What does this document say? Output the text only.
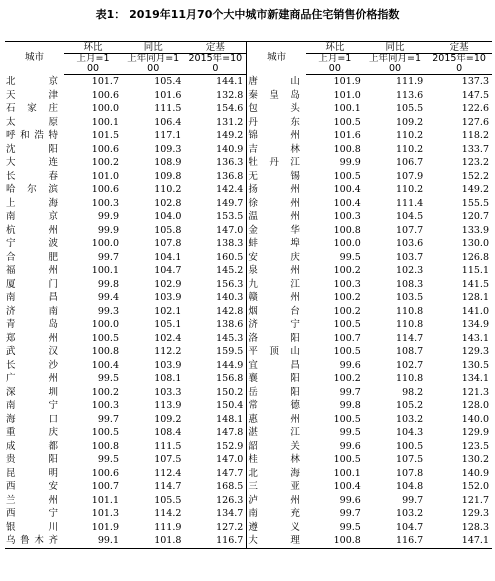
表1： 2019年11月70个大中城市新建商品住宅销售价格指数
城市	环比	同比	定基	城市	环比	同比	定基
	上月=1	上年同月=1	2015年=10		上月=1	上年同月=1	2015年=10
	00	00	0		00	00	0
北京	101.7	105.4	144.1	唐山	101.9	111.9	137.3
天津	100.6	101.6	132.8	秦皇岛	101.0	113.6	147.5
石家庄	100.0	111.5	154.6	包头	100.1	105.5	122.6
太原	100.1	106.4	131.2	丹东	100.5	109.2	127.6
呼和浩特	101.5	117.1	149.2	锦州	101.6	110.2	118.2
沈阳	100.6	109.3	140.9	吉林	100.8	110.2	133.7
大连	100.2	108.9	136.3	牡丹江	99.9	106.7	123.2
长春	101.0	109.8	136.8	无锡	100.5	107.9	152.2
哈尔滨	100.6	110.2	142.4	扬州	100.4	110.2	149.2
上海	100.3	102.8	149.7	徐州	100.4	111.4	155.5
南京	99.9	104.0	153.5	温州	100.3	104.5	120.7
杭州	99.9	105.8	147.0	金华	100.8	107.7	133.9
宁波	100.0	107.8	138.3	蚌埠	100.0	103.6	130.0
合肥	99.7	104.1	160.5	安庆	99.5	103.7	126.8
福州	100.1	104.7	145.2	泉州	100.2	102.3	115.1
厦门	99.8	102.9	156.3	九江	100.3	108.3	141.5
南昌	99.4	103.9	140.3	赣州	100.2	103.5	128.1
济南	99.3	102.1	142.8	烟台	100.2	110.8	141.0
青岛	100.0	105.1	138.6	济宁	100.5	110.8	134.9
郑州	100.5	102.4	145.3	洛阳	100.7	114.7	143.1
武汉	100.8	112.2	159.5	平顶山	100.5	108.7	129.3
长沙	100.4	103.9	144.9	宜昌	99.6	102.7	130.5
广州	99.5	108.1	156.8	襄阳	100.2	110.8	134.1
深圳	100.2	103.3	150.2	岳阳	99.7	98.2	121.3
南宁	100.3	113.9	150.4	常德	99.8	105.2	128.0
海口	99.7	109.2	148.1	惠州	100.5	103.2	140.0
重庆	100.5	108.4	147.8	湛江	99.5	104.3	129.9
成都	100.8	111.5	152.9	韶关	99.6	100.5	123.5
贵阳	99.5	107.5	147.0	桂林	100.5	107.5	130.2
昆明	100.6	112.4	147.7	北海	100.1	107.8	140.9
西安	100.7	114.7	168.5	三亚	100.4	104.8	152.0
兰州	101.1	105.5	126.3	泸州	99.6	99.7	121.7
西宁	101.3	114.2	134.7	南充	99.7	103.2	129.3
银川	101.9	111.9	127.2	遵义	99.5	104.7	128.3
乌鲁木齐	99.1	101.8	116.7	大理	100.8	116.7	147.1
